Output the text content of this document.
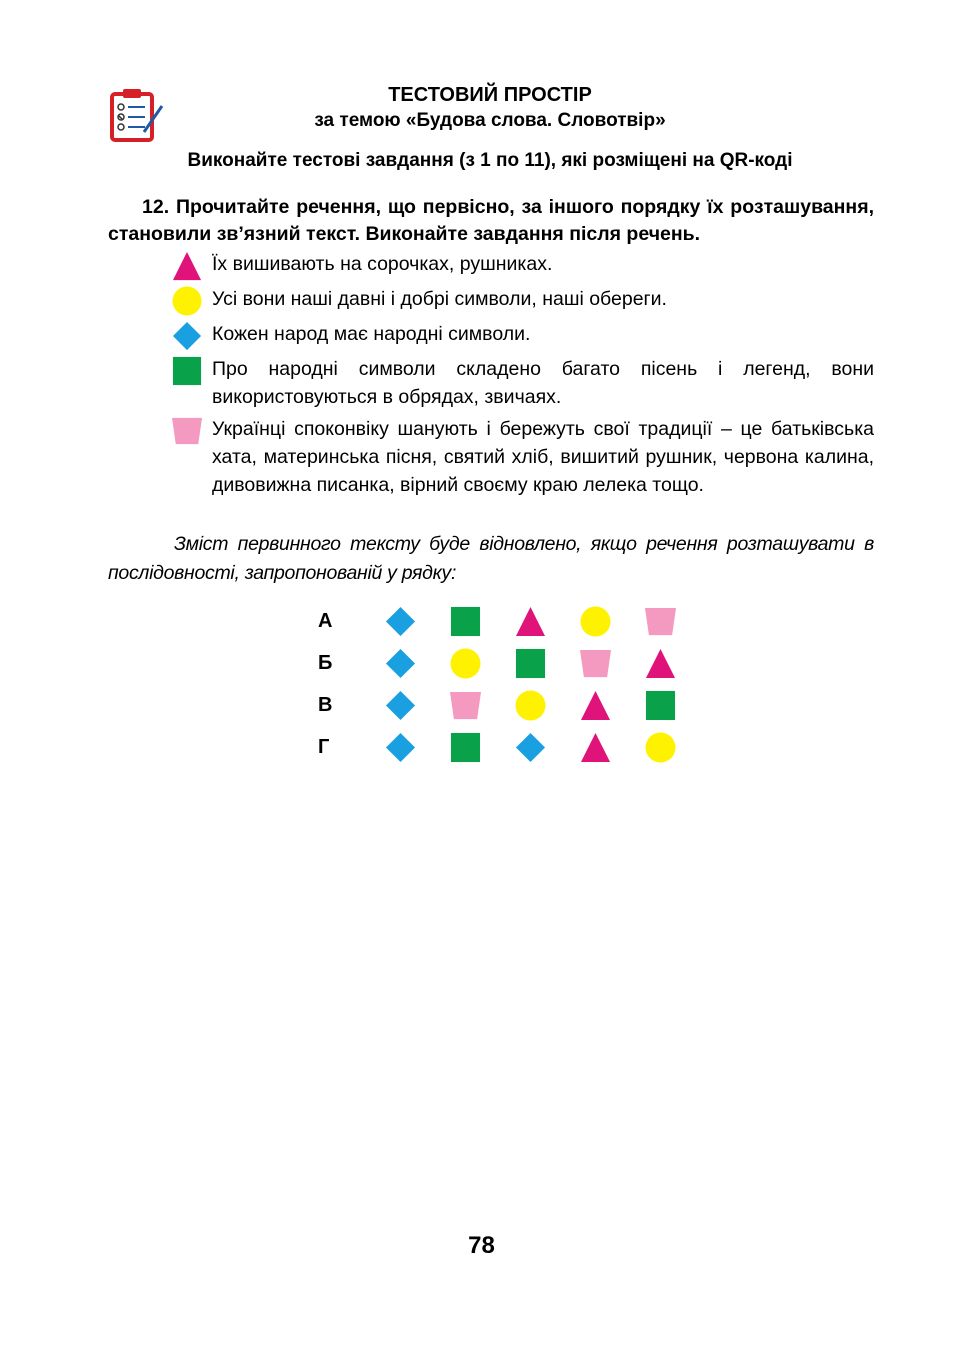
ТЕСТОВИЙ ПРОСТІР
за темою «Будова слова. Словотвір»
Виконайте тестові завдання (з 1 по 11), які розміщені на QR-коді
12. Прочитайте речення, що первісно, за іншого порядку їх розташування, становили зв’язний текст. Виконайте завдання після речень.
Їх вишивають на сорочках, рушниках.
Усі вони наші давні і добрі символи, наші обереги.
Кожен народ має народні символи.
Про народні символи складено багато пісень і легенд, вони використовуються в обрядах, звичаях.
Українці споконвіку шанують і бережуть свої традиції – це батьківська хата, материнська пісня, святий хліб, вишитий рушник, червона калина, дивовижна писанка, вірний своєму краю лелека тощо.
Зміст первинного тексту буде відновлено, якщо речення розташувати в послідовності, запропонованій у рядку:
А
Б
В
Г
78
